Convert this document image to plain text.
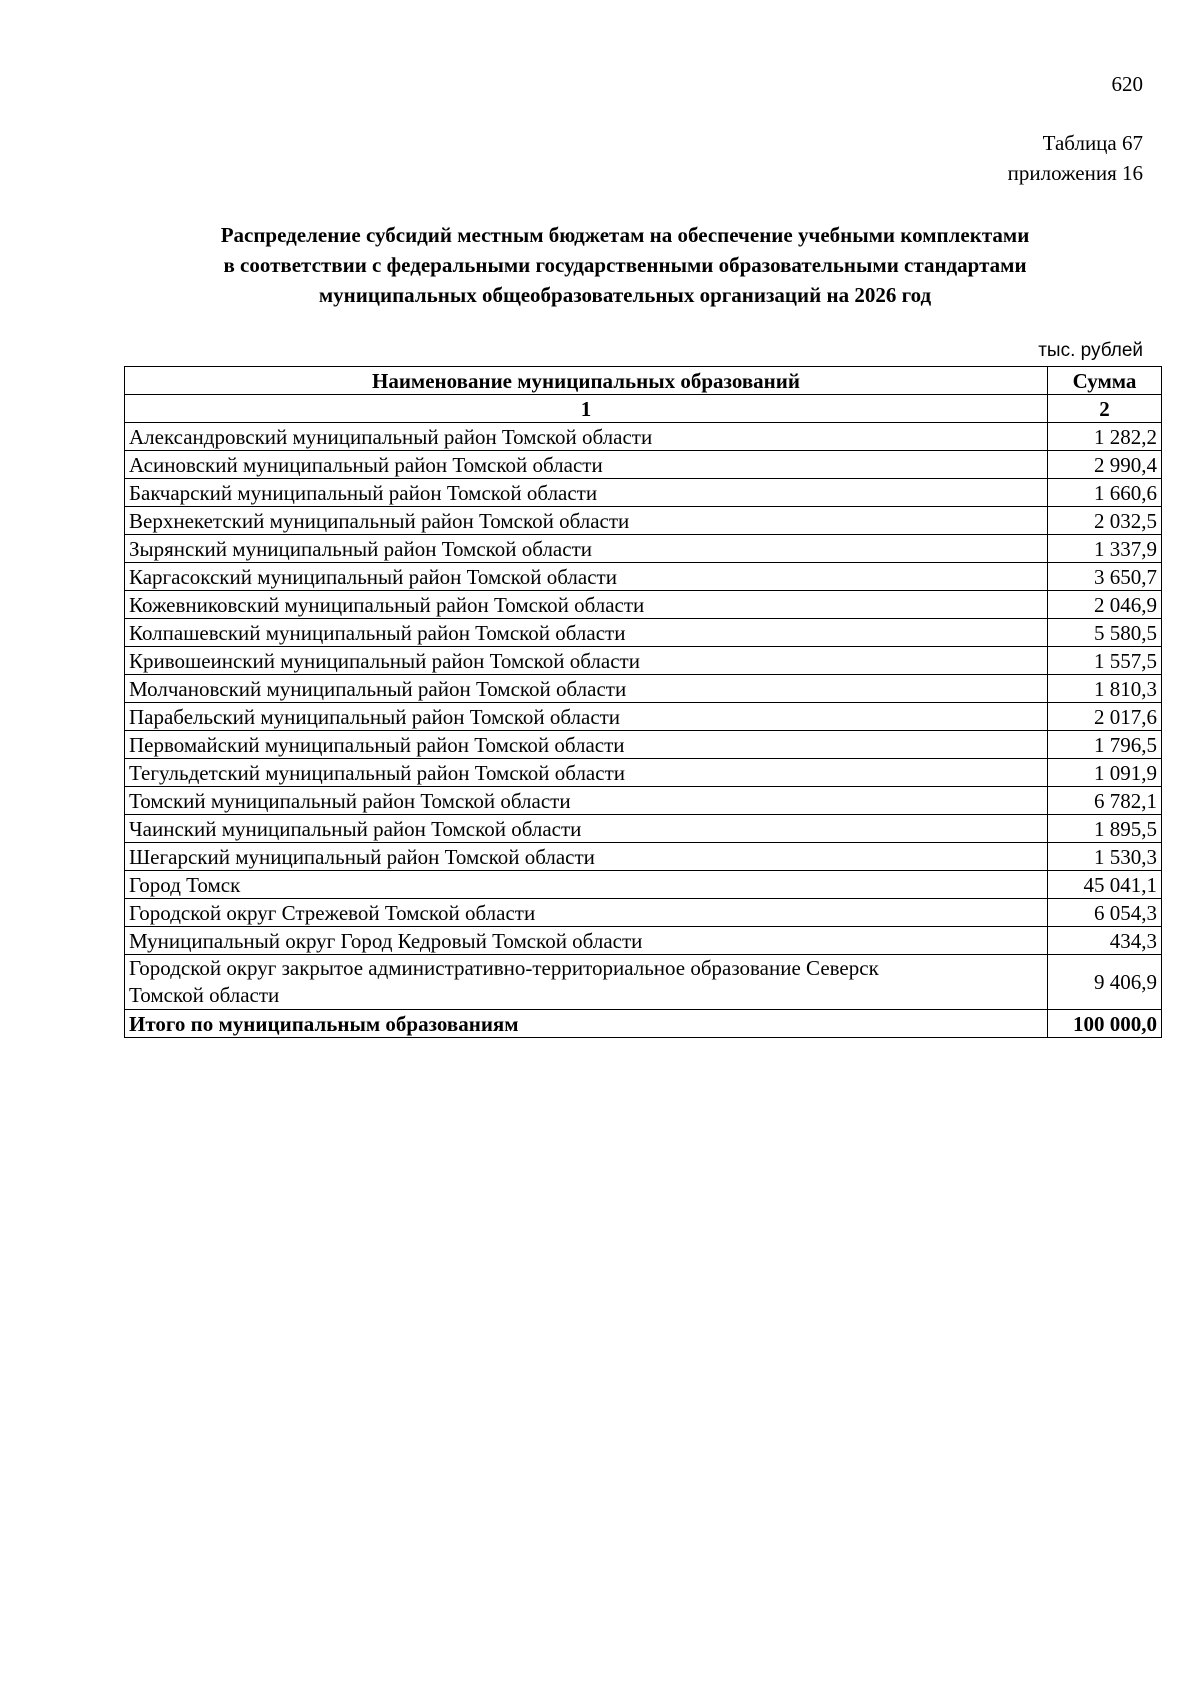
620
Таблица 67
приложения 16
Распределение субсидий местным бюджетам на обеспечение учебными комплектами
в соответствии с федеральными государственными образовательными стандартами
муниципальных общеобразовательных организаций на 2026 год
тыс. рублей
Наименование муниципальных образований	Сумма
1	2
Александровский муниципальный район Томской области	1 282,2
Асиновский муниципальный район Томской области	2 990,4
Бакчарский муниципальный район Томской области	1 660,6
Верхнекетский муниципальный район Томской области	2 032,5
Зырянский муниципальный район Томской области	1 337,9
Каргасокский муниципальный район Томской области	3 650,7
Кожевниковский муниципальный район Томской области	2 046,9
Колпашевский муниципальный район Томской области	5 580,5
Кривошеинский муниципальный район Томской области	1 557,5
Молчановский муниципальный район Томской области	1 810,3
Парабельский муниципальный район Томской области	2 017,6
Первомайский муниципальный район Томской области	1 796,5
Тегульдетский муниципальный район Томской области	1 091,9
Томский муниципальный район Томской области	6 782,1
Чаинский муниципальный район Томской области	1 895,5
Шегарский муниципальный район Томской области	1 530,3
Город Томск	45 041,1
Городской округ Стрежевой Томской области	6 054,3
Муниципальный округ Город Кедровый Томской области	434,3

Городской округ закрытое административно-территориальное образование Северск
Томской области	9 406,9
Итого по муниципальным образованиям	100 000,0
